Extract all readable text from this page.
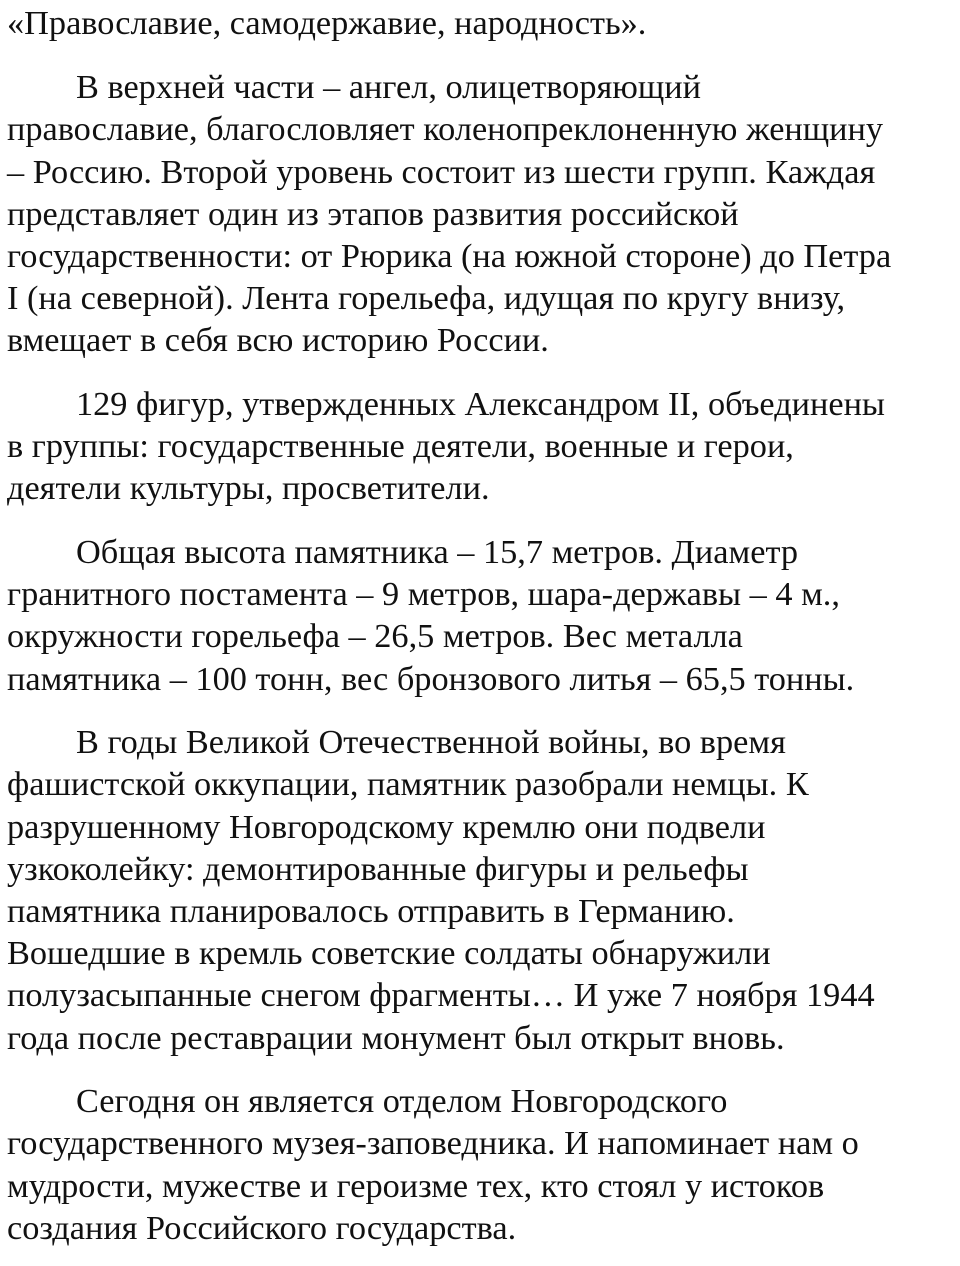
«Православие, самодержавие, народность».

В верхней части – ангел, олицетворяющий
православие, благословляет коленопреклоненную женщину
– Россию. Второй уровень состоит из шести групп. Каждая
представляет один из этапов развития российской
государственности: от Рюрика (на южной стороне) до Петра
I (на северной). Лента горельефа, идущая по кругу внизу,
вмещает в себя всю историю России.
129 фигур, утвержденных Александром II, объединены
в группы: государственные деятели, военные и герои,
деятели культуры, просветители.
Общая высота памятника – 15,7 метров. Диаметр
гранитного постамента – 9 метров, шара-державы – 4 м.,
окружности горельефа – 26,5 метров. Вес металла
памятника – 100 тонн, вес бронзового литья – 65,5 тонны.
В годы Великой Отечественной войны, во время
фашистской оккупации, памятник разобрали немцы. К
разрушенному Новгородскому кремлю они подвели
узкоколейку: демонтированные фигуры и рельефы
памятника планировалось отправить в Германию.
Вошедшие в кремль советские солдаты обнаружили
полузасыпанные снегом фрагменты… И уже 7 ноября 1944
года после реставрации монумент был открыт вновь.
Сегодня он является отделом Новгородского
государственного музея-заповедника. И напоминает нам о
мудрости, мужестве и героизме тех, кто стоял у истоков
создания Российского государства.
